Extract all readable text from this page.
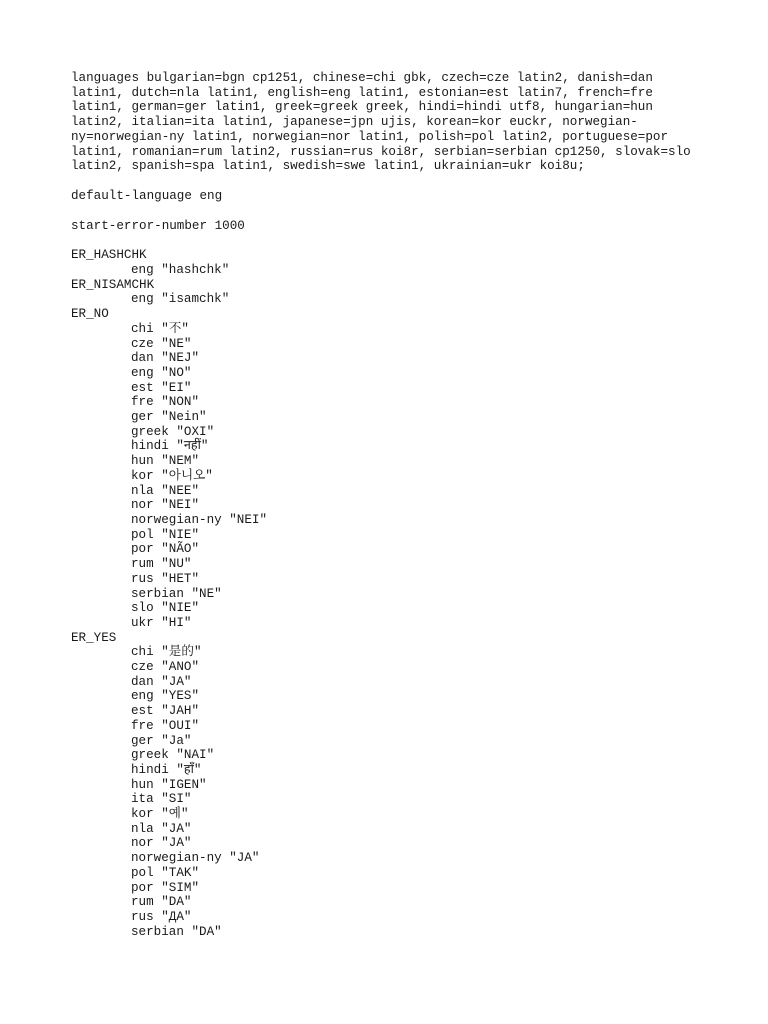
languages bulgarian=bgn cp1251, chinese=chi gbk, czech=cze latin2, danish=dan latin1, dutch=nla latin1, english=eng latin1, estonian=est latin7, french=fre latin1, german=ger latin1, greek=greek greek, hindi=hindi utf8, hungarian=hun latin2, italian=ita latin1, japanese=jpn ujis, korean=kor euckr, norwegian-ny=norwegian-ny latin1, norwegian=nor latin1, polish=pol latin2, portuguese=por latin1, romanian=rum latin2, russian=rus koi8r, serbian=serbian cp1250, slovak=slo latin2, spanish=spa latin1, swedish=swe latin1, ukrainian=ukr koi8u;

default-language eng

start-error-number 1000

ER_HASHCHK

eng "hashchk"

ER_NISAMCHK

eng "isamchk"

ER_NO

chi "不"

cze "NE"

dan "NEJ"

eng "NO"

est "EI"

fre "NON"

ger "Nein"

greek "OXI"

hindi "नहीं"

hun "NEM"

kor "아니오"

nla "NEE"

nor "NEI"

norwegian-ny "NEI"

pol "NIE"

por "NÃO"

rum "NU"

rus "НЕТ"

serbian "NE"

slo "NIE"

ukr "НІ"

ER_YES

chi "是的"

cze "ANO"

dan "JA"

eng "YES"

est "JAH"

fre "OUI"

ger "Ja"

greek "NAI"

hindi "हाँ"

hun "IGEN"

ita "SI"

kor "예"

nla "JA"

nor "JA"

norwegian-ny "JA"

pol "TAK"

por "SIM"

rum "DA"

rus "ДА"

serbian "DA"
